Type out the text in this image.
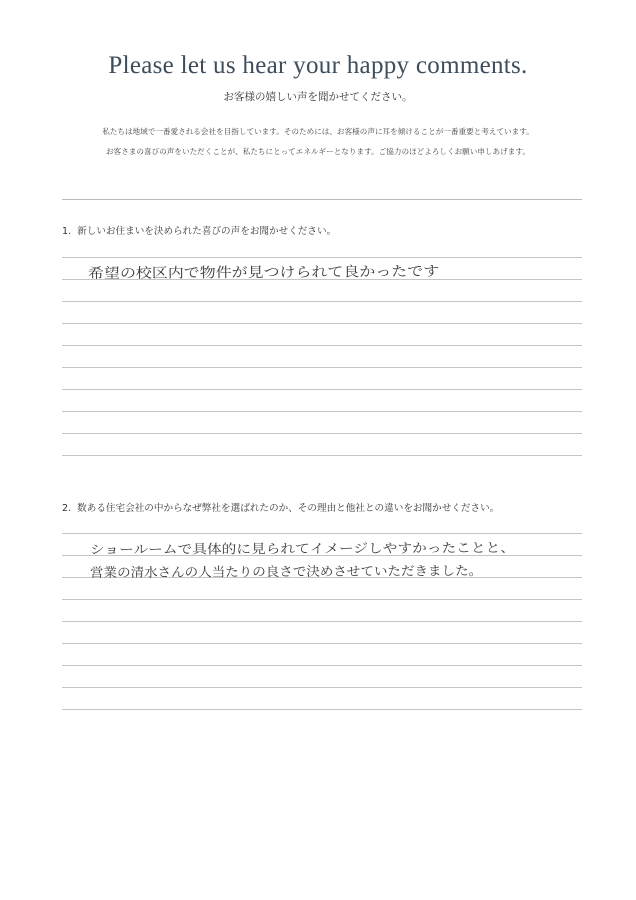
Please let us hear your happy comments.
お客様の嬉しい声を聞かせてください。
私たちは地域で一番愛される会社を目指しています。そのためには、お客様の声に耳を傾けることが一番重要と考えています。
お客さまの喜びの声をいただくことが、私たちにとってエネルギーとなります。ご協力のほどよろしくお願い申しあげます。
1. 新しいお住まいを決められた喜びの声をお聞かせください。
希望の校区内で物件が見つけられて良かったです
2. 数ある住宅会社の中からなぜ弊社を選ばれたのか、その理由と他社との違いをお聞かせください。
ショールームで具体的に見られてイメージしやすかったことと、
営業の清水さんの人当たりの良さで決めさせていただきました。
